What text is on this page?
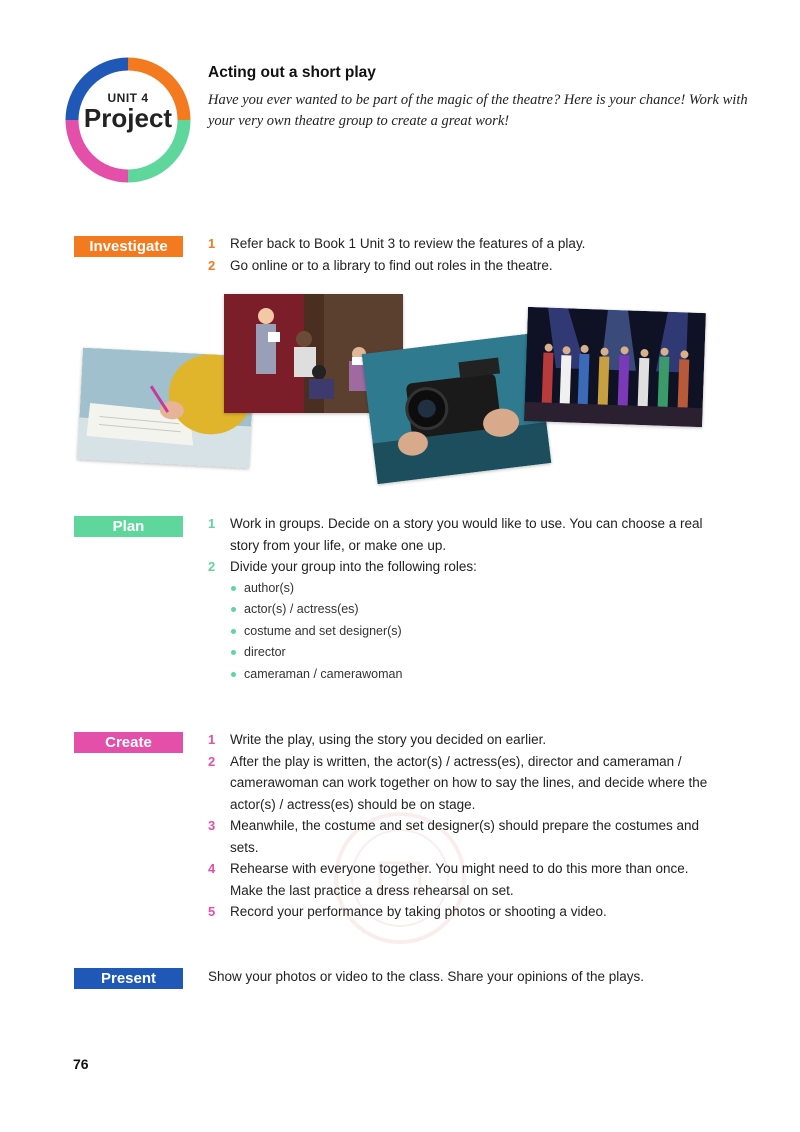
UNIT 4
Project
Acting out a short play
Have you ever wanted to be part of the magic of the theatre? Here is your chance! Work with your very own theatre group to create a great work!
Investigate	1 Refer back to Book 1 Unit 3 to review the features of a play.
2 Go online or to a library to find out roles in the theatre.
Plan	1 Work in groups. Decide on a story you would like to use. You can choose a real story from your life, or make one up.
2 Divide your group into the following roles:
author(s)
actor(s) / actress(es)
costume and set designer(s)
director
cameraman / camerawoman
Create	1 Write the play, using the story you decided on earlier.
2 After the play is written, the actor(s) / actress(es), director and cameraman / camerawoman can work together on how to say the lines, and decide where the actor(s) / actress(es) should be on stage.
3 Meanwhile, the costume and set designer(s) should prepare the costumes and sets.
4 Rehearse with everyone together. You might need to do this more than once. Make the last practice a dress rehearsal on set.
5 Record your performance by taking photos or shooting a video.
Present	Show your photos or video to the class. Share your opinions of the plays.
76
